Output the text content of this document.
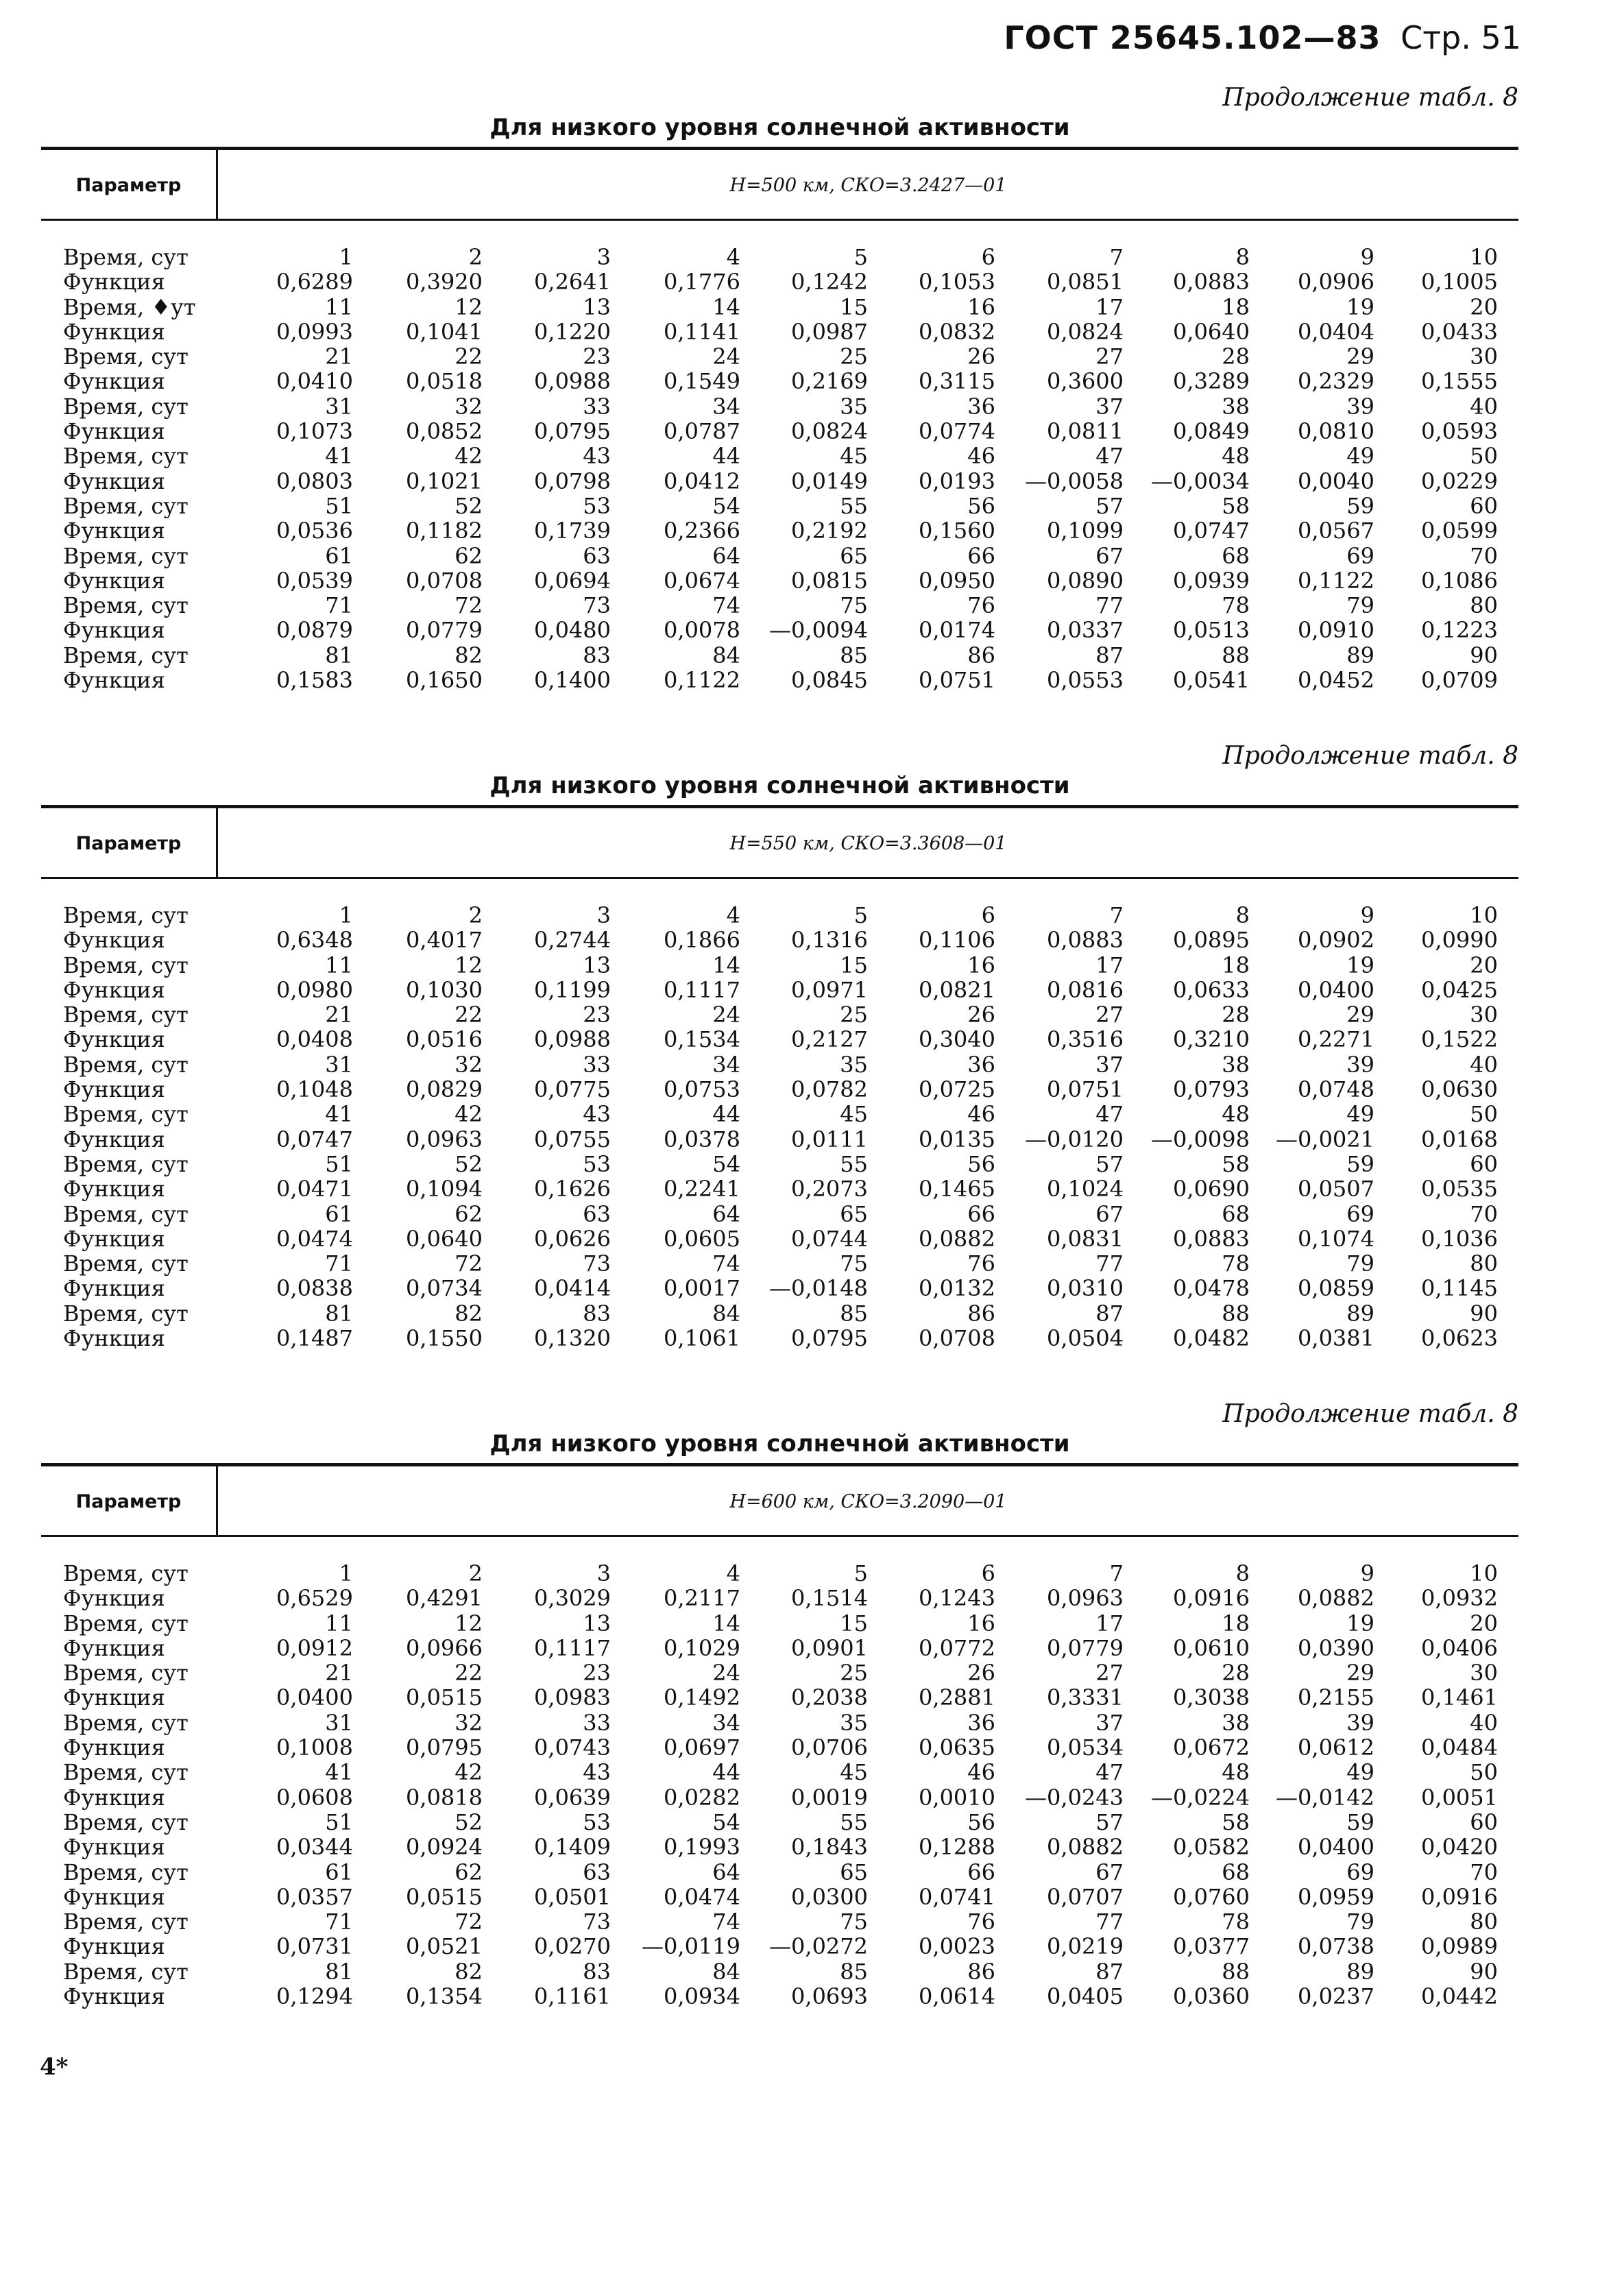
ГОСТ 25645.102—83 Стр. 51
Продолжение табл. 8
Для низкого уровня солнечной активности
Параметр	H=500 км, СКО=3.2427—01
Время, сут	1	2	3	4	5	6	7	8	9	10
Функция	0,6289	0,3920	0,2641	0,1776	0,1242	0,1053	0,0851	0,0883	0,0906	0,1005
Время, ♦ут	11	12	13	14	15	16	17	18	19	20
Функция	0,0993	0,1041	0,1220	0,1141	0,0987	0,0832	0,0824	0,0640	0,0404	0,0433
Время, сут	21	22	23	24	25	26	27	28	29	30
Функция	0,0410	0,0518	0,0988	0,1549	0,2169	0,3115	0,3600	0,3289	0,2329	0,1555
Время, сут	31	32	33	34	35	36	37	38	39	40
Функция	0,1073	0,0852	0,0795	0,0787	0,0824	0,0774	0,0811	0,0849	0,0810	0,0593
Время, сут	41	42	43	44	45	46	47	48	49	50
Функция	0,0803	0,1021	0,0798	0,0412	0,0149	0,0193	—0,0058	—0,0034	0,0040	0,0229
Время, сут	51	52	53	54	55	56	57	58	59	60
Функция	0,0536	0,1182	0,1739	0,2366	0,2192	0,1560	0,1099	0,0747	0,0567	0,0599
Время, сут	61	62	63	64	65	66	67	68	69	70
Функция	0,0539	0,0708	0,0694	0,0674	0,0815	0,0950	0,0890	0,0939	0,1122	0,1086
Время, сут	71	72	73	74	75	76	77	78	79	80
Функция	0,0879	0,0779	0,0480	0,0078	—0,0094	0,0174	0,0337	0,0513	0,0910	0,1223
Время, сут	81	82	83	84	85	86	87	88	89	90
Функция	0,1583	0,1650	0,1400	0,1122	0,0845	0,0751	0,0553	0,0541	0,0452	0,0709
Продолжение табл. 8
Для низкого уровня солнечной активности
Параметр	H=550 км, СКО=3.3608—01
Время, сут	1	2	3	4	5	6	7	8	9	10
Функция	0,6348	0,4017	0,2744	0,1866	0,1316	0,1106	0,0883	0,0895	0,0902	0,0990
Время, сут	11	12	13	14	15	16	17	18	19	20
Функция	0,0980	0,1030	0,1199	0,1117	0,0971	0,0821	0,0816	0,0633	0,0400	0,0425
Время, сут	21	22	23	24	25	26	27	28	29	30
Функция	0,0408	0,0516	0,0988	0,1534	0,2127	0,3040	0,3516	0,3210	0,2271	0,1522
Время, сут	31	32	33	34	35	36	37	38	39	40
Функция	0,1048	0,0829	0,0775	0,0753	0,0782	0,0725	0,0751	0,0793	0,0748	0,0630
Время, сут	41	42	43	44	45	46	47	48	49	50
Функция	0,0747	0,0963	0,0755	0,0378	0,0111	0,0135	—0,0120	—0,0098	—0,0021	0,0168
Время, сут	51	52	53	54	55	56	57	58	59	60
Функция	0,0471	0,1094	0,1626	0,2241	0,2073	0,1465	0,1024	0,0690	0,0507	0,0535
Время, сут	61	62	63	64	65	66	67	68	69	70
Функция	0,0474	0,0640	0,0626	0,0605	0,0744	0,0882	0,0831	0,0883	0,1074	0,1036
Время, сут	71	72	73	74	75	76	77	78	79	80
Функция	0,0838	0,0734	0,0414	0,0017	—0,0148	0,0132	0,0310	0,0478	0,0859	0,1145
Время, сут	81	82	83	84	85	86	87	88	89	90
Функция	0,1487	0,1550	0,1320	0,1061	0,0795	0,0708	0,0504	0,0482	0,0381	0,0623
Продолжение табл. 8
Для низкого уровня солнечной активности
Параметр	H=600 км, СКО=3.2090—01
Время, сут	1	2	3	4	5	6	7	8	9	10
Функция	0,6529	0,4291	0,3029	0,2117	0,1514	0,1243	0,0963	0,0916	0,0882	0,0932
Время, сут	11	12	13	14	15	16	17	18	19	20
Функция	0,0912	0,0966	0,1117	0,1029	0,0901	0,0772	0,0779	0,0610	0,0390	0,0406
Время, сут	21	22	23	24	25	26	27	28	29	30
Функция	0,0400	0,0515	0,0983	0,1492	0,2038	0,2881	0,3331	0,3038	0,2155	0,1461
Время, сут	31	32	33	34	35	36	37	38	39	40
Функция	0,1008	0,0795	0,0743	0,0697	0,0706	0,0635	0,0534	0,0672	0,0612	0,0484
Время, сут	41	42	43	44	45	46	47	48	49	50
Функция	0,0608	0,0818	0,0639	0,0282	0,0019	0,0010	—0,0243	—0,0224	—0,0142	0,0051
Время, сут	51	52	53	54	55	56	57	58	59	60
Функция	0,0344	0,0924	0,1409	0,1993	0,1843	0,1288	0,0882	0,0582	0,0400	0,0420
Время, сут	61	62	63	64	65	66	67	68	69	70
Функция	0,0357	0,0515	0,0501	0,0474	0,0300	0,0741	0,0707	0,0760	0,0959	0,0916
Время, сут	71	72	73	74	75	76	77	78	79	80
Функция	0,0731	0,0521	0,0270	—0,0119	—0,0272	0,0023	0,0219	0,0377	0,0738	0,0989
Время, сут	81	82	83	84	85	86	87	88	89	90
Функция	0,1294	0,1354	0,1161	0,0934	0,0693	0,0614	0,0405	0,0360	0,0237	0,0442
4*
